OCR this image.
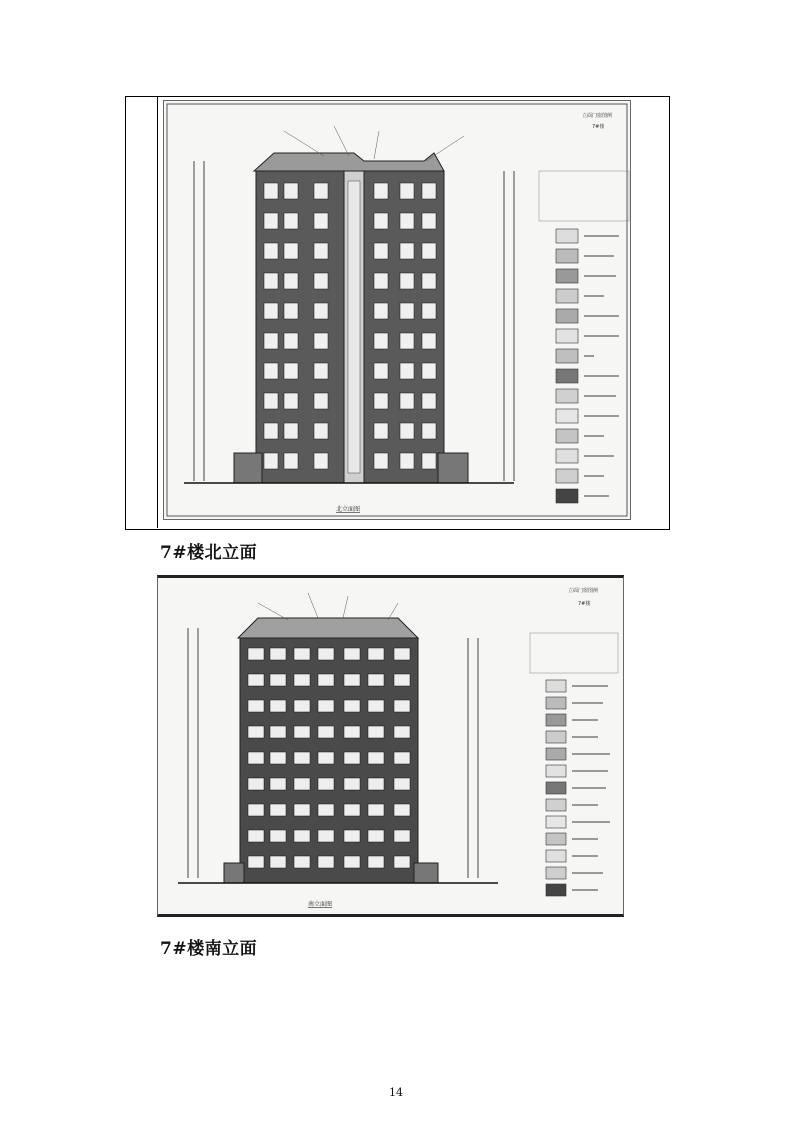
立面门窗图例
7#楼
北立面图
7#楼北立面
立面门窗图例
7#楼
南立面图
7#楼南立面
14
